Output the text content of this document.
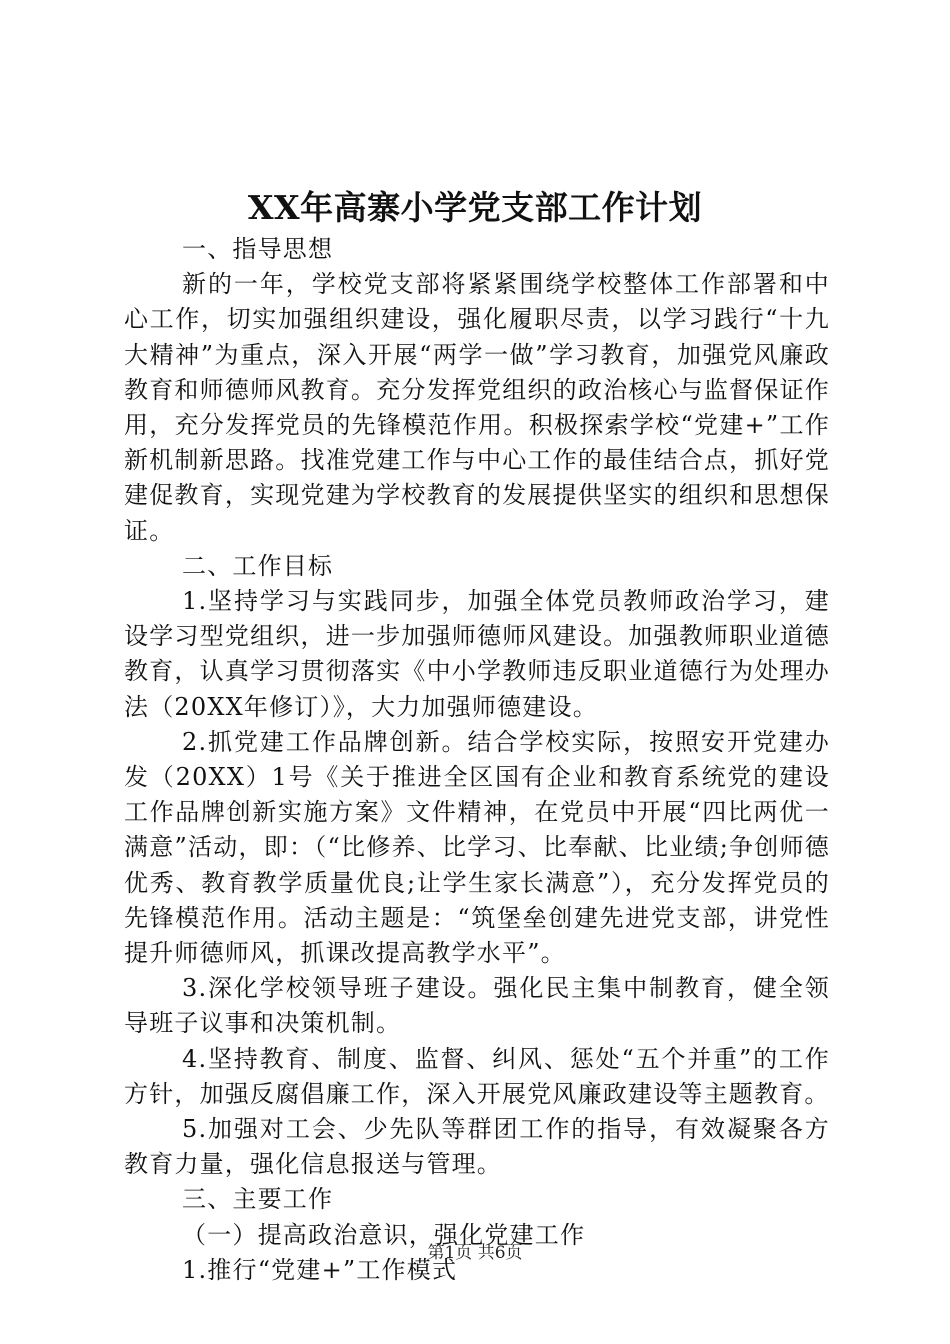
XX年高寨小学党支部工作计划

一、指导思想

新的一年，学校党支部将紧紧围绕学校整体工作部署和中心工作，切实加强组织建设，强化履职尽责，以学习践行“十九大精神”为重点，深入开展“两学一做”学习教育，加强党风廉政教育和师德师风教育。充分发挥党组织的政治核心与监督保证作用，充分发挥党员的先锋模范作用。积极探索学校“党建+”工作新机制新思路。找准党建工作与中心工作的最佳结合点，抓好党建促教育，实现党建为学校教育的发展提供坚实的组织和思想保证。

二、工作目标

1.坚持学习与实践同步，加强全体党员教师政治学习，建设学习型党组织，进一步加强师德师风建设。加强教师职业道德教育，认真学习贯彻落实《中小学教师违反职业道德行为处理办法（20XX年修订）》，大力加强师德建设。

2.抓党建工作品牌创新。结合学校实际，按照安开党建办发（20XX）1号《关于推进全区国有企业和教育系统党的建设工作品牌创新实施方案》文件精神，在党员中开展“四比两优一满意”活动，即：（“比修养、比学习、比奉献、比业绩;争创师德优秀、教育教学质量优良;让学生家长满意”），充分发挥党员的先锋模范作用。活动主题是：“筑堡垒创建先进党支部，讲党性提升师德师风，抓课改提高教学水平”。

3.深化学校领导班子建设。强化民主集中制教育，健全领导班子议事和决策机制。

4.坚持教育、制度、监督、纠风、惩处“五个并重”的工作方针，加强反腐倡廉工作，深入开展党风廉政建设等主题教育。

5.加强对工会、少先队等群团工作的指导，有效凝聚各方教育力量，强化信息报送与管理。

三、主要工作

（一）提高政治意识，强化党建工作

1.推行“党建+”工作模式

第1页 共6页
